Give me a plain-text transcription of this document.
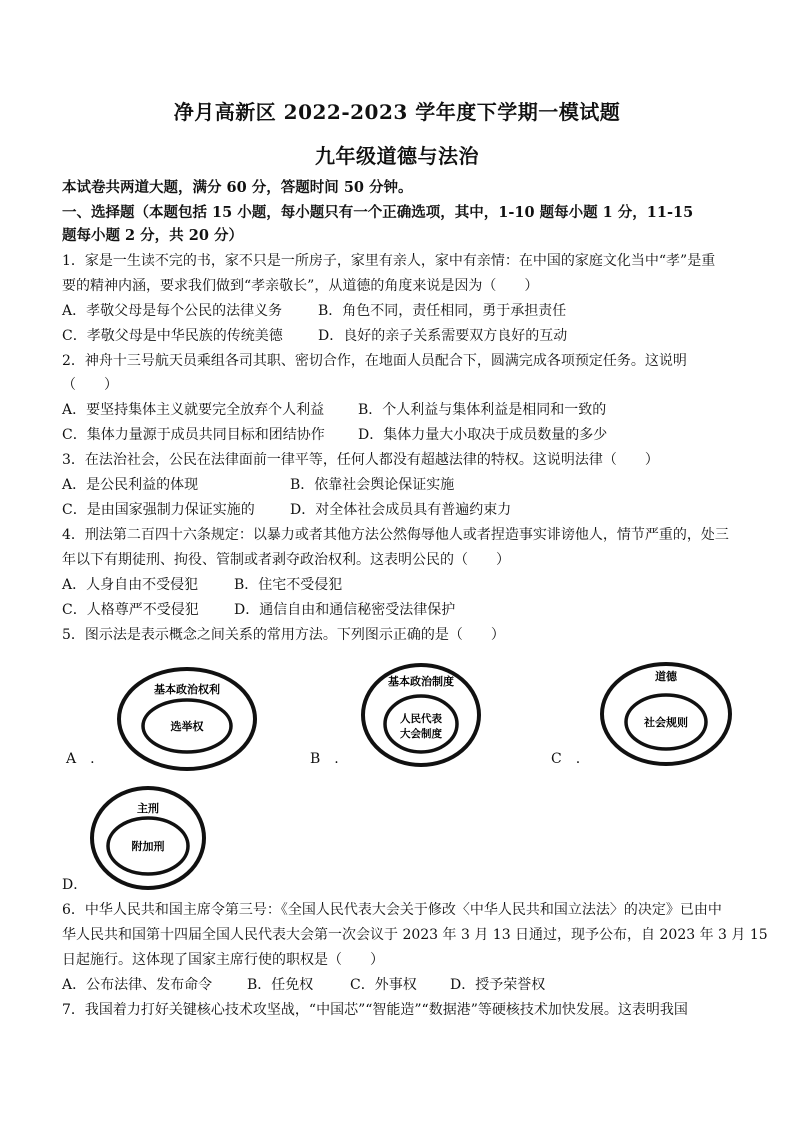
净月高新区 2022-2023 学年度下学期一模试题
九年级道德与法治
本试卷共两道大题，满分 60 分，答题时间 50 分钟。
一、选择题（本题包括 15 小题，每小题只有一个正确选项，其中，1-10 题每小题 1 分，11-15
题每小题 2 分，共 20 分）
1．家是一生读不完的书，家不只是一所房子，家里有亲人，家中有亲情：在中国的家庭文化当中“孝”是重
要的精神内涵，要求我们做到“孝亲敬长”，从道德的角度来说是因为（　　）
A．孝敬父母是每个公民的法律义务	B．角色不同，责任相同，勇于承担责任
C．孝敬父母是中华民族的传统美德	D．良好的亲子关系需要双方良好的互动
2．神舟十三号航天员乘组各司其职、密切合作，在地面人员配合下，圆满完成各项预定任务。这说明
（　　）
A．要坚持集体主义就要完全放弃个人利益 B．个人利益与集体利益是相同和一致的
C．集体力量源于成员共同目标和团结协作 D．集体力量大小取决于成员数量的多少
3．在法治社会，公民在法律面前一律平等，任何人都没有超越法律的特权。这说明法律（　　）
A．是公民利益的体现	B．依靠社会舆论保证实施
C．是由国家强制力保证实施的	D．对全体社会成员具有普遍约束力
4．刑法第二百四十六条规定：以暴力或者其他方法公然侮辱他人或者捏造事实诽谤他人，情节严重的，处三
年以下有期徒刑、拘役、管制或者剥夺政治权利。这表明公民的（　　）
A．人身自由不受侵犯	B．住宅不受侵犯
C．人格尊严不受侵犯	D．通信自由和通信秘密受法律保护
5．图示法是表示概念之间关系的常用方法。下列图示正确的是（　　）
基本政治权利
选举权
A　.
基本政治制度
人民代表
大会制度
B　.
道德
社会规则
C　.
主刑
附加刑
D．
6．中华人民共和国主席令第三号：《全国人民代表大会关于修改〈中华人民共和国立法法〉的决定》已由中
华人民共和国第十四届全国人民代表大会第一次会议于 2023 年 3 月 13 日通过，现予公布，自 2023 年 3 月 15
日起施行。这体现了国家主席行使的职权是（　　）
A．公布法律、发布命令 B．任免权	C．外事权 D．授予荣誉权
7．我国着力打好关键核心技术攻坚战，“中国芯”“智能造”“数据港”等硬核技术加快发展。这表明我国
